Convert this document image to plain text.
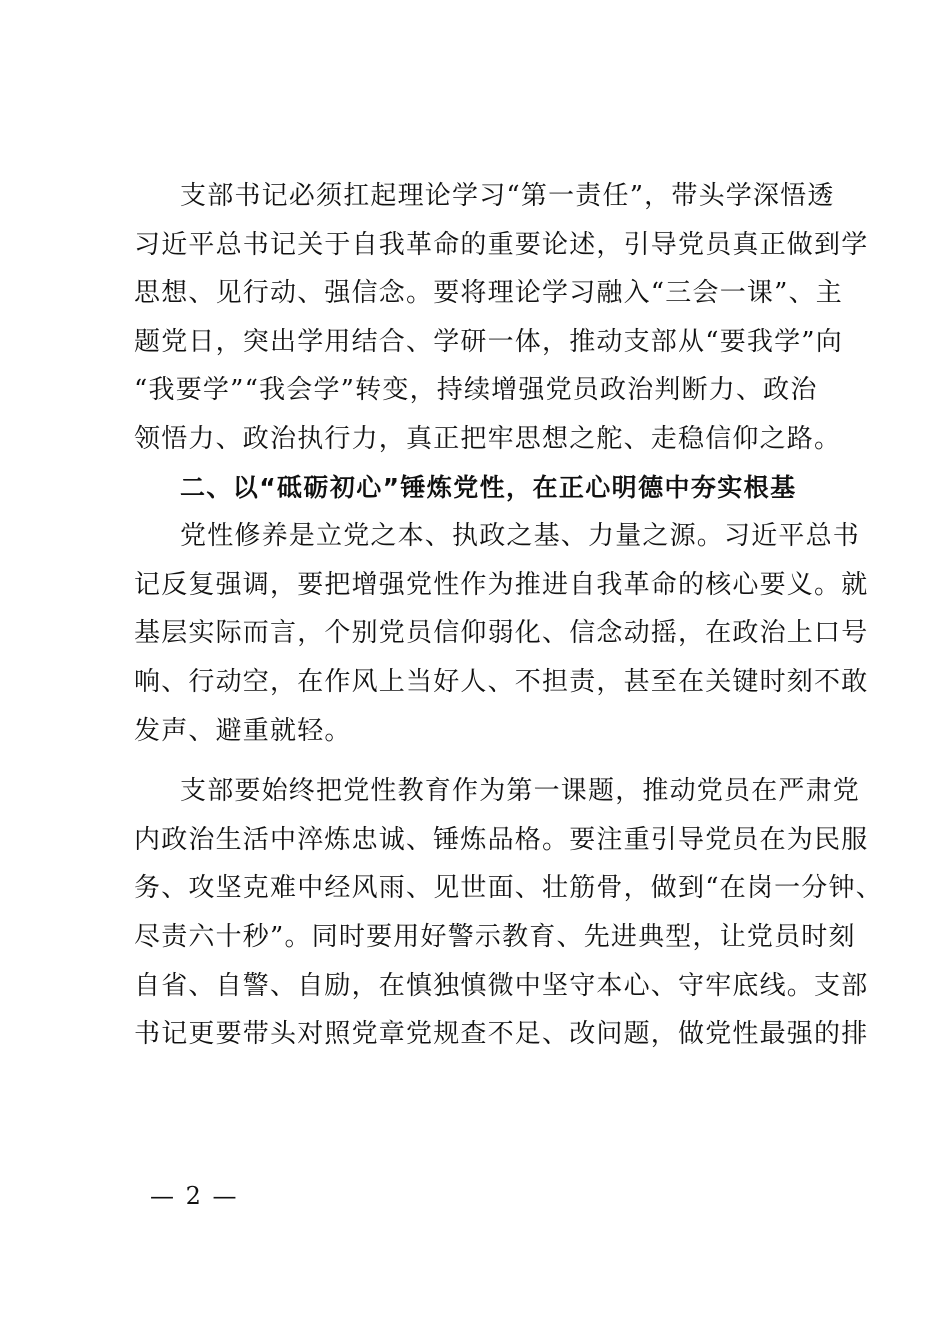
支部书记必须扛起理论学习“第一责任”，带头学深悟透
习近平总书记关于自我革命的重要论述，引导党员真正做到学
思想、见行动、强信念。要将理论学习融入“三会一课”、主
题党日，突出学用结合、学研一体，推动支部从“要我学”向
“我要学”“我会学”转变，持续增强党员政治判断力、政治
领悟力、政治执行力，真正把牢思想之舵、走稳信仰之路。
二、以“砥砺初心”锤炼党性，在正心明德中夯实根基
党性修养是立党之本、执政之基、力量之源。习近平总书
记反复强调，要把增强党性作为推进自我革命的核心要义。就
基层实际而言，个别党员信仰弱化、信念动摇，在政治上口号
响、行动空，在作风上当好人、不担责，甚至在关键时刻不敢
发声、避重就轻。
支部要始终把党性教育作为第一课题，推动党员在严肃党
内政治生活中淬炼忠诚、锤炼品格。要注重引导党员在为民服
务、攻坚克难中经风雨、见世面、壮筋骨，做到“在岗一分钟、
尽责六十秒”。同时要用好警示教育、先进典型，让党员时刻
自省、自警、自励，在慎独慎微中坚守本心、守牢底线。支部
书记更要带头对照党章党规查不足、改问题，做党性最强的排
— 2 —
